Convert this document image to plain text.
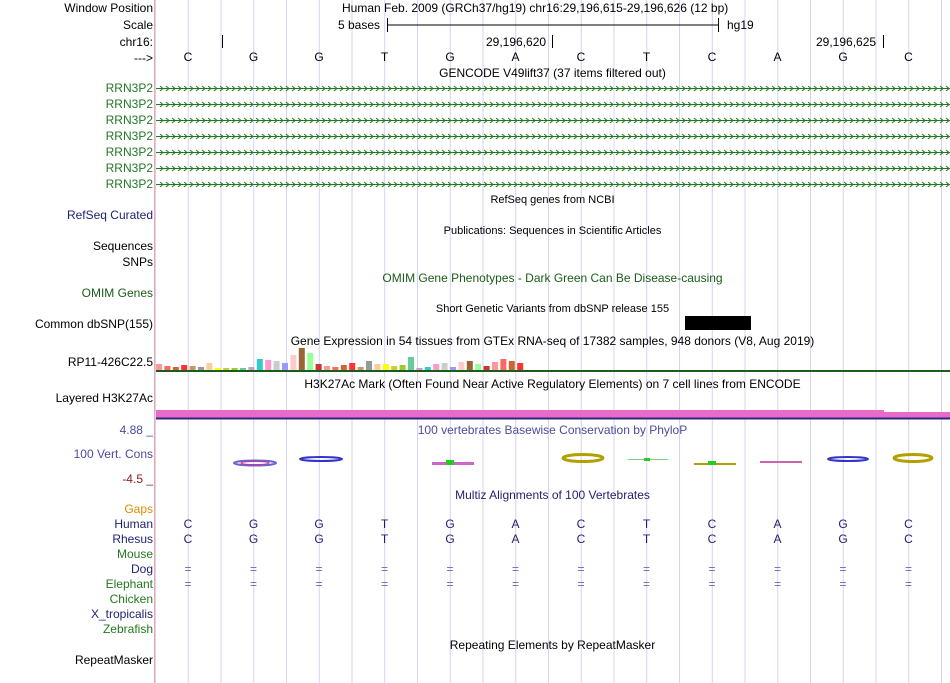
Window Position	Human Feb. 2009 (GRCh37/hg19) chr16:29,196,615-29,196,626 (12 bp)
Scale	5 bases	hg19
chr16:	29,196,620	29,196,625
--->	C	G	G	T	G	A	C	T	C	A	G	C
GENCODE V49lift37 (37 items filtered out)
RRN3P2
RRN3P2
RRN3P2
RRN3P2
RRN3P2
RRN3P2
RRN3P2
RefSeq genes from NCBI
RefSeq Curated
Publications: Sequences in Scientific Articles
Sequences
SNPs
OMIM Gene Phenotypes - Dark Green Can Be Disease-causing
OMIM Genes
Short Genetic Variants from dbSNP release 155
Common dbSNP(155)
Gene Expression in 54 tissues from GTEx RNA-seq of 17382 samples, 948 donors (V8, Aug 2019)
RP11-426C22.5
H3K27Ac Mark (Often Found Near Active Regulatory Elements) on 7 cell lines from ENCODE
Layered H3K27Ac
4.88 _	100 vertebrates Basewise Conservation by PhyloP
100 Vert. Cons
-4.5 _
Multiz Alignments of 100 Vertebrates
Gaps
Human	C	G	G	T	G	A	C	T	C	A	G	C
Rhesus	C	G	G	T	G	A	C	T	C	A	G	C
Mouse
Dog	=	=	=	=	=	=	=	=	=	=	=	=
Elephant	=	=	=	=	=	=	=	=	=	=	=	=
Chicken
X_tropicalis
Zebrafish
Repeating Elements by RepeatMasker
RepeatMasker
